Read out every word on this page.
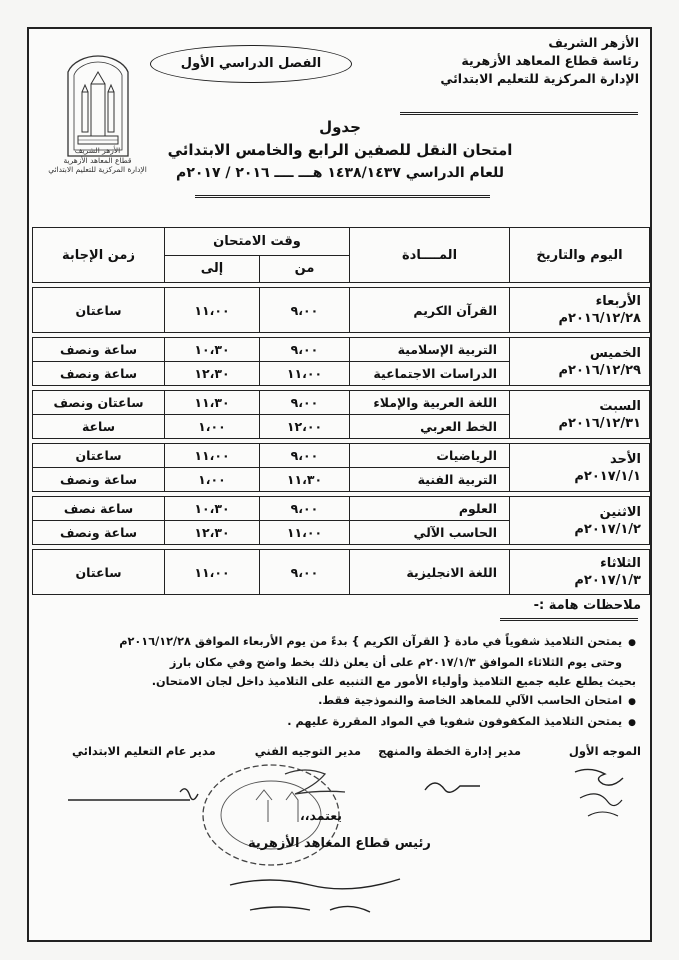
الأزهر الشريف
رئاسة قطاع المعاهد الأزهرية
الإدارة المركزية للتعليم الابتدائي
الفصل الدراسي الأول
الأزهر الشريف
قطاع المعاهد الأزهرية
الإدارة المركزية للتعليم الابتدائي
جدول
امتحان النقل للصفين الرابع والخامس الابتدائي
للعام الدراسي ١٤٣٨/١٤٣٧ هـــ ــــ ٢٠١٦ / ٢٠١٧م
اليوم والتاريخ	المــــادة	وقت الامتحان		زمن الإجابة
		من	إلى	

الأربعاء
٢٠١٦/١٢/٢٨م	القرآن الكريم	٩،٠٠	١١،٠٠	ساعتان

الخميس
٢٠١٦/١٢/٢٩م	التربية الإسلامية	٩،٠٠	١٠،٣٠	ساعة ونصف
	الدراسات الاجتماعية	١١،٠٠	١٢،٣٠	ساعة ونصف

السبت
٢٠١٦/١٢/٣١م	اللغة العربية والإملاء	٩،٠٠	١١،٣٠	ساعتان ونصف
	الخط العربي	١٢،٠٠	١،٠٠	ساعة

الأحد
٢٠١٧/١/١م	الرياضيات	٩،٠٠	١١،٠٠	ساعتان
	التربية الفنية	١١،٣٠	١،٠٠	ساعة ونصف

الاثنين
٢٠١٧/١/٢م	العلوم	٩،٠٠	١٠،٣٠	ساعة نصف
	الحاسب الآلي	١١،٠٠	١٢،٣٠	ساعة ونصف

الثلاثاء
٢٠١٧/١/٣م	اللغة الانجليزية	٩،٠٠	١١،٠٠	ساعتان
ملاحظات هامة :-
● يمتحن التلاميذ شفوياً في مادة { القرآن الكريم } بدءً من يوم الأربعاء الموافق ٢٠١٦/١٢/٢٨م
وحتى يوم الثلاثاء الموافق ٢٠١٧/١/٣م على أن يعلن ذلك بخط واضح وفي مكان بارز
بحيث يطلع عليه جميع التلاميذ وأولياء الأمور مع التنبيه على التلاميذ داخل لجان الامتحان.
● امتحان الحاسب الآلي للمعاهد الخاصة والنموذجية فقط.
● يمتحن التلاميذ المكفوفون شفويا في المواد المقررة عليهم .
الموجه الأول
مدير إدارة الخطة والمنهج
مدير التوجيه الفني
مدير عام التعليم الابتدائي
يعتمد،،
رئيس قطاع المعاهد الأزهرية
